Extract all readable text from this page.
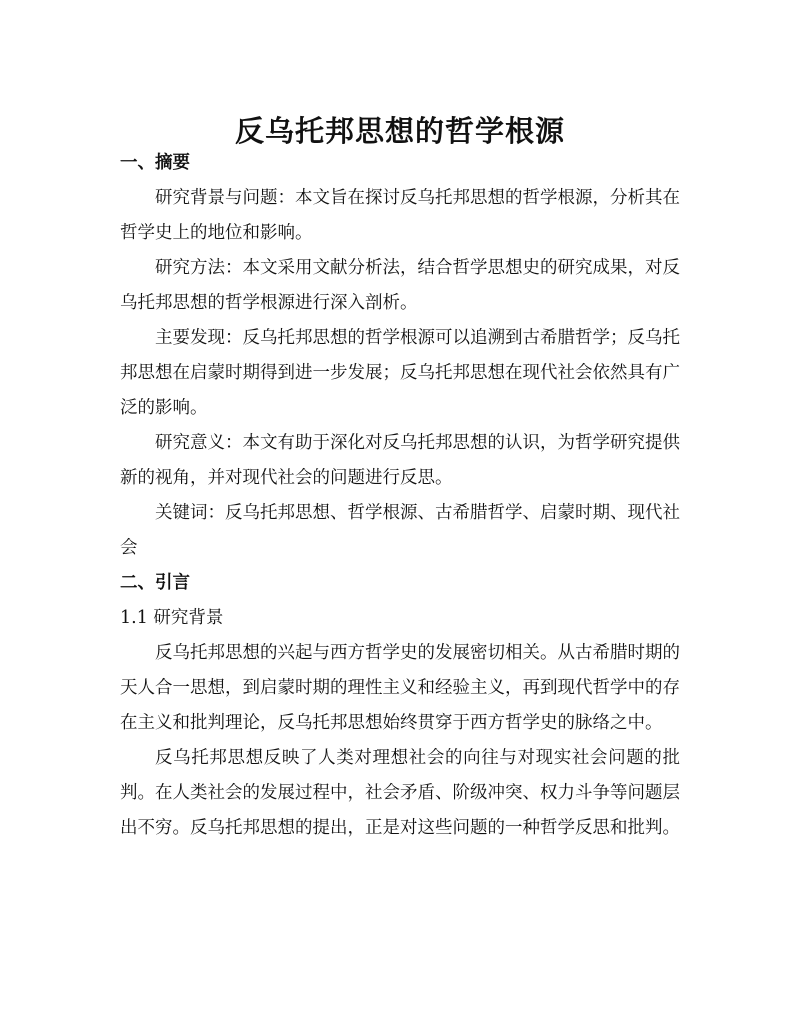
反乌托邦思想的哲学根源
一、摘要

研究背景与问题：本文旨在探讨反乌托邦思想的哲学根源，分析其在哲学史上的地位和影响。

研究方法：本文采用文献分析法，结合哲学思想史的研究成果，对反乌托邦思想的哲学根源进行深入剖析。

主要发现：反乌托邦思想的哲学根源可以追溯到古希腊哲学；反乌托邦思想在启蒙时期得到进一步发展；反乌托邦思想在现代社会依然具有广泛的影响。

研究意义：本文有助于深化对反乌托邦思想的认识，为哲学研究提供新的视角，并对现代社会的问题进行反思。

关键词：反乌托邦思想、哲学根源、古希腊哲学、启蒙时期、现代社会

二、引言
1.1 研究背景

反乌托邦思想的兴起与西方哲学史的发展密切相关。从古希腊时期的天人合一思想，到启蒙时期的理性主义和经验主义，再到现代哲学中的存在主义和批判理论，反乌托邦思想始终贯穿于西方哲学史的脉络之中。

反乌托邦思想反映了人类对理想社会的向往与对现实社会问题的批判。在人类社会的发展过程中，社会矛盾、阶级冲突、权力斗争等问题层出不穷。反乌托邦思想的提出，正是对这些问题的一种哲学反思和批判。
